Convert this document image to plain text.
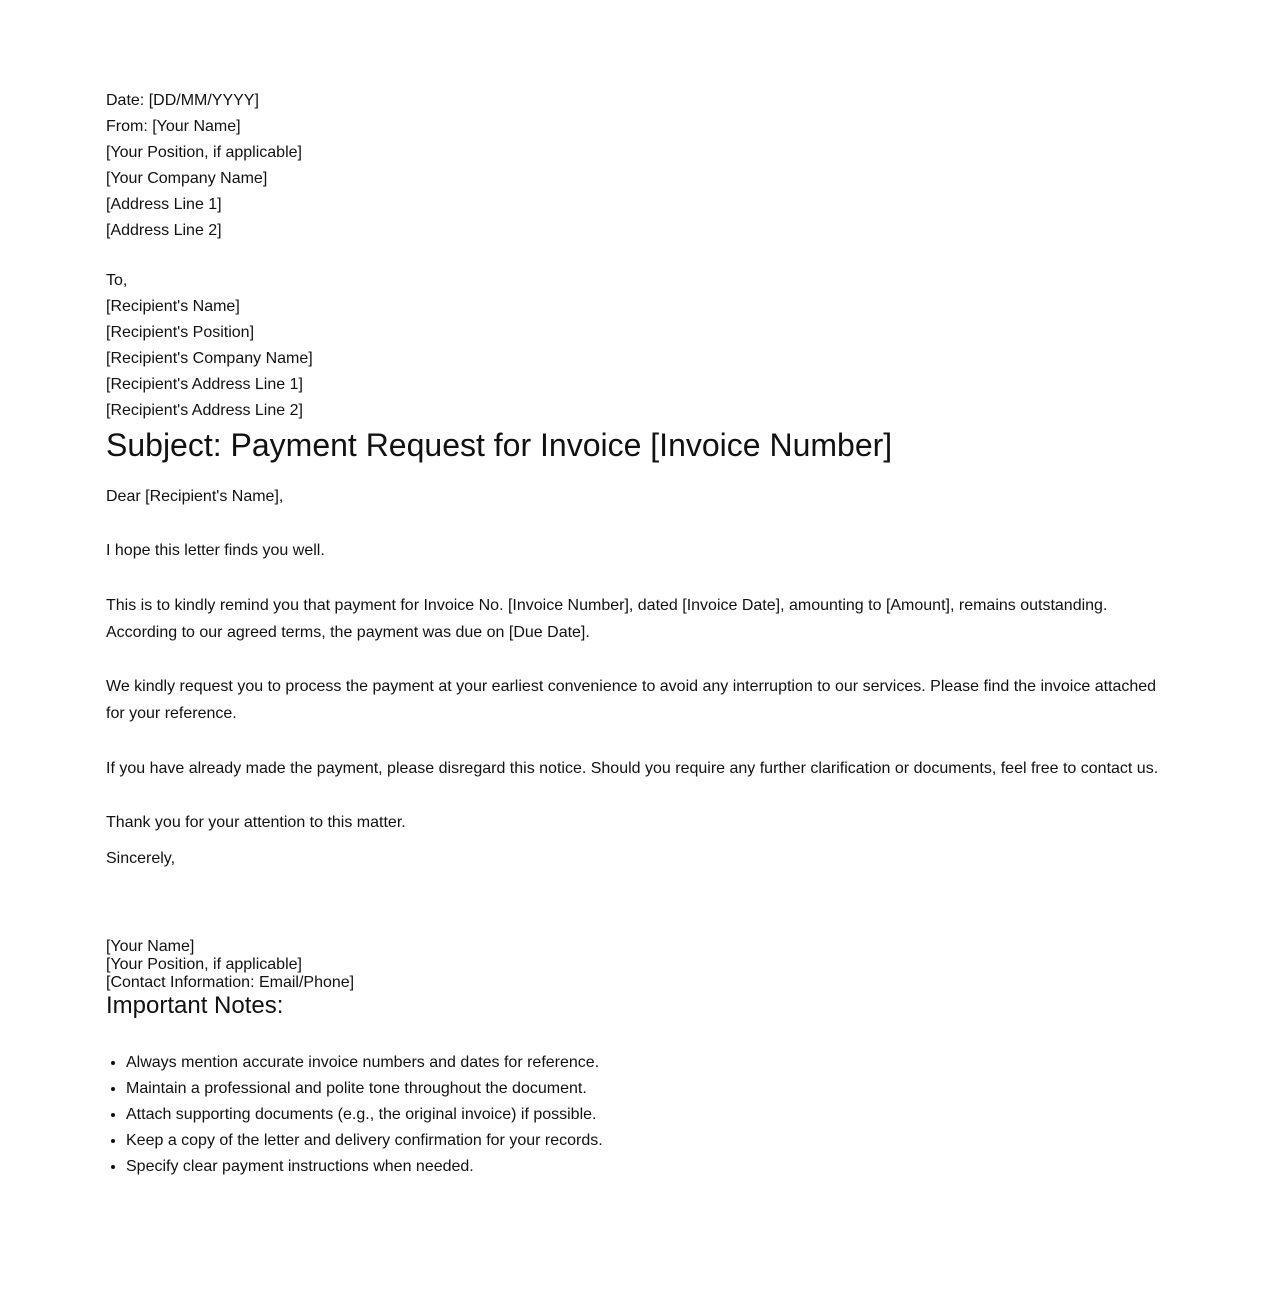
Date: [DD/MM/YYYY]
From: [Your Name]
[Your Position, if applicable]
[Your Company Name]
[Address Line 1]
[Address Line 2]
To,
[Recipient's Name]
[Recipient's Position]
[Recipient's Company Name]
[Recipient's Address Line 1]
[Recipient's Address Line 2]
Subject: Payment Request for Invoice [Invoice Number]

Dear [Recipient's Name],

I hope this letter finds you well.

This is to kindly remind you that payment for Invoice No. [Invoice Number], dated [Invoice Date], amounting to [Amount], remains outstanding. According to our agreed terms, the payment was due on [Due Date].

We kindly request you to process the payment at your earliest convenience to avoid any interruption to our services. Please find the invoice attached for your reference.

If you have already made the payment, please disregard this notice. Should you require any further clarification or documents, feel free to contact us.

Thank you for your attention to this matter.

Sincerely,

[Your Name]
[Your Position, if applicable]
[Contact Information: Email/Phone]
Important Notes:
• Always mention accurate invoice numbers and dates for reference.
• Maintain a professional and polite tone throughout the document.
• Attach supporting documents (e.g., the original invoice) if possible.
• Keep a copy of the letter and delivery confirmation for your records.
• Specify clear payment instructions when needed.
